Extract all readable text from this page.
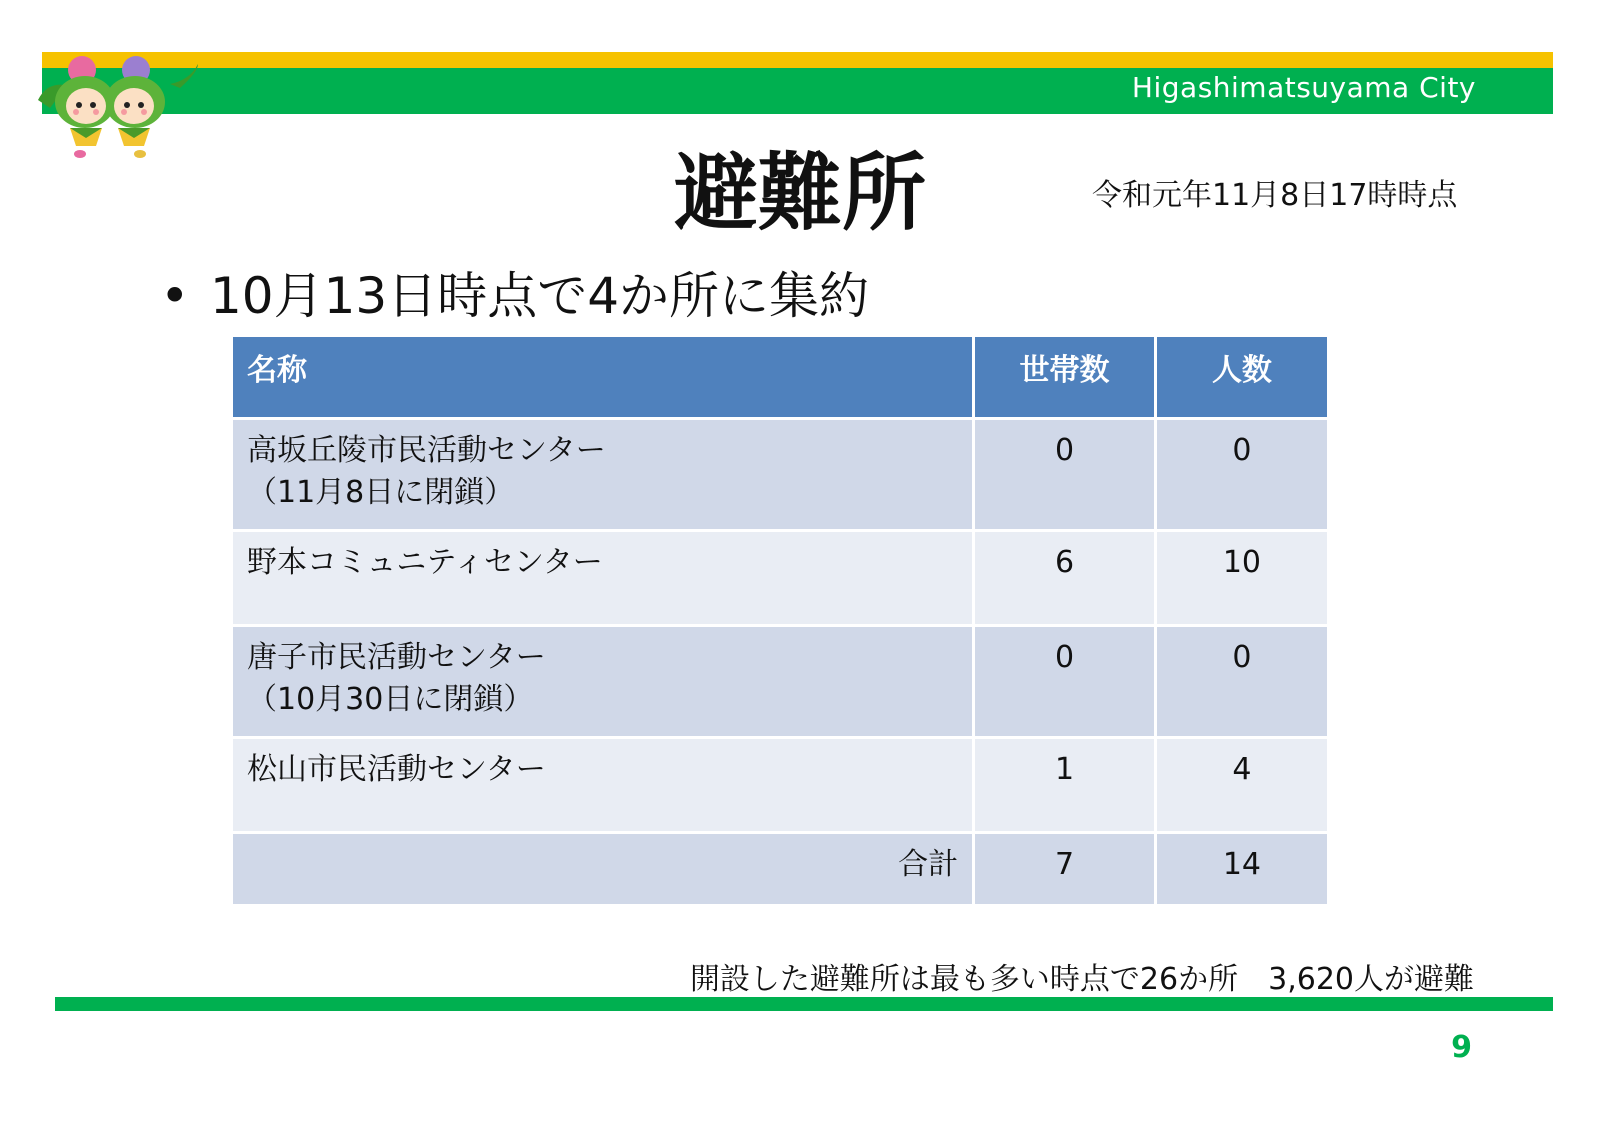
Higashimatsuyama City
避難所	令和元年11月8日17時時点
• 10月13日時点で4か所に集約
名称	世帯数	人数

高坂丘陵市民活動センター
（11月8日に閉鎖）	0	0

野本コミュニティセンター	6	10

唐子市民活動センター
（10月30日に閉鎖）	0	0

松山市民活動センター	1	4
合計	7	14
開設した避難所は最も多い時点で26か所　3,620人が避難
9
